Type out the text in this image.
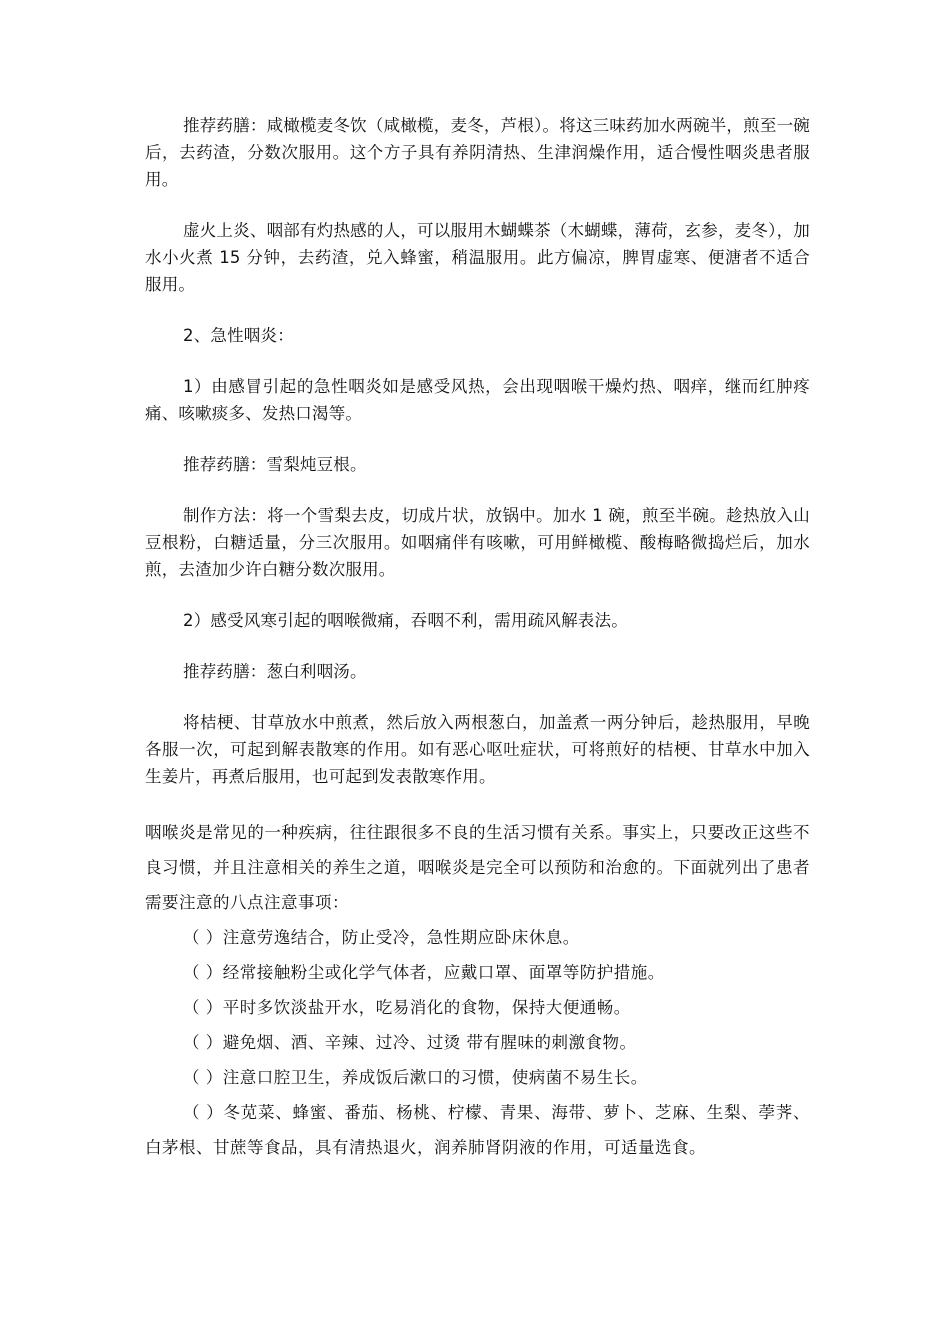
推荐药膳：咸橄榄麦冬饮（咸橄榄，麦冬，芦根）。将这三味药加水两碗半，煎至一碗后，去药渣，分数次服用。这个方子具有养阴清热、生津润燥作用，适合慢性咽炎患者服用。

虚火上炎、咽部有灼热感的人，可以服用木蝴蝶茶（木蝴蝶，薄荷，玄参，麦冬），加水小火煮 15 分钟，去药渣，兑入蜂蜜，稍温服用。此方偏凉，脾胃虚寒、便溏者不适合服用。

2、急性咽炎：

1）由感冒引起的急性咽炎如是感受风热，会出现咽喉干燥灼热、咽痒，继而红肿疼痛、咳嗽痰多、发热口渴等。

推荐药膳：雪梨炖豆根。

制作方法：将一个雪梨去皮，切成片状，放锅中。加水 1 碗，煎至半碗。趁热放入山豆根粉，白糖适量，分三次服用。如咽痛伴有咳嗽，可用鲜橄榄、酸梅略微捣烂后，加水煎，去渣加少许白糖分数次服用。

2）感受风寒引起的咽喉微痛，吞咽不利，需用疏风解表法。

推荐药膳：葱白利咽汤。

将桔梗、甘草放水中煎煮，然后放入两根葱白，加盖煮一两分钟后，趁热服用，早晚各服一次，可起到解表散寒的作用。如有恶心呕吐症状，可将煎好的桔梗、甘草水中加入生姜片，再煮后服用，也可起到发表散寒作用。

咽喉炎是常见的一种疾病，往往跟很多不良的生活习惯有关系。事实上，只要改正这些不良习惯，并且注意相关的养生之道，咽喉炎是完全可以预防和治愈的。下面就列出了患者需要注意的八点注意事项：

（ ）注意劳逸结合，防止受冷，急性期应卧床休息。
（ ）经常接触粉尘或化学气体者，应戴口罩、面罩等防护措施。
（ ）平时多饮淡盐开水，吃易消化的食物，保持大便通畅。
（ ）避免烟、酒、辛辣、过冷、过烫 带有腥味的刺激食物。
（ ）注意口腔卫生，养成饭后漱口的习惯，使病菌不易生长。
（ ）冬苋菜、蜂蜜、番茄、杨桃、柠檬、青果、海带、萝卜、芝麻、生梨、荸荠、白茅根、甘蔗等食品，具有清热退火，润养肺肾阴液的作用，可适量选食。
